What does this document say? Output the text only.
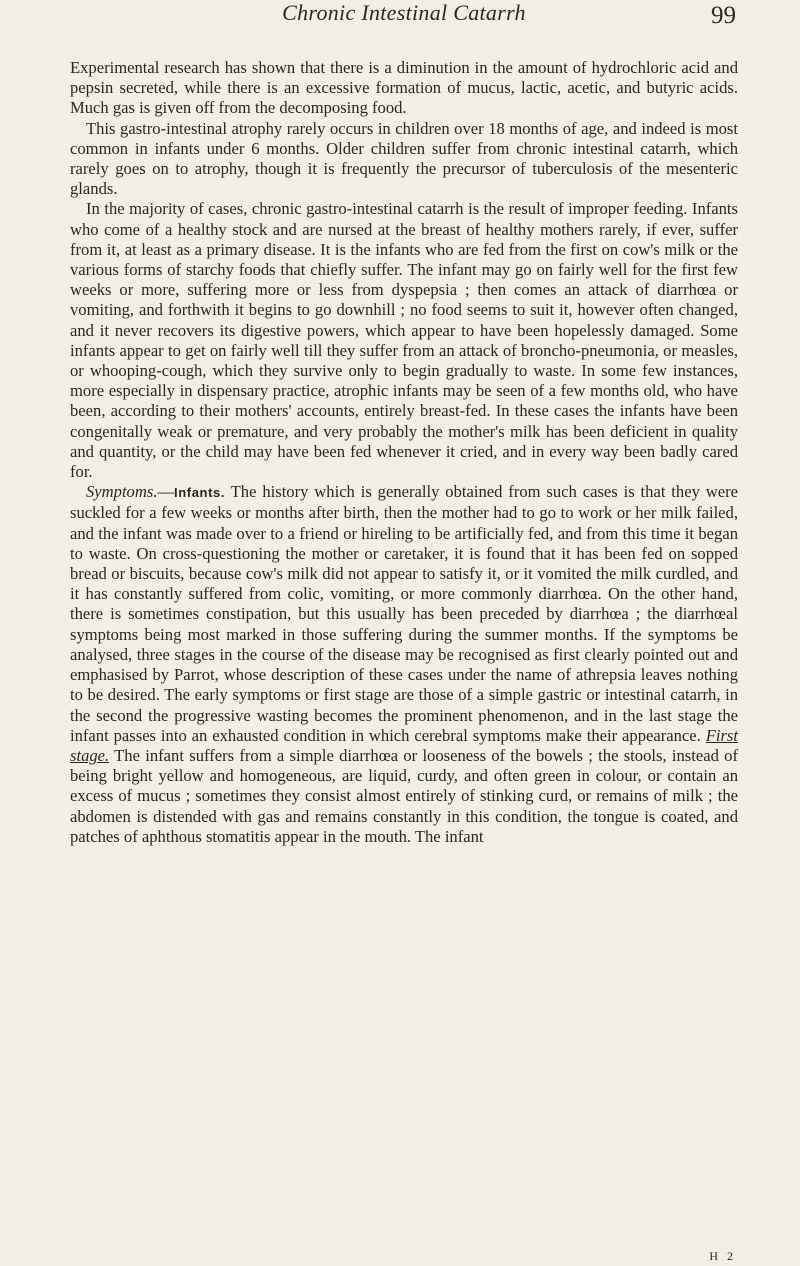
Chronic Intestinal Catarrh	99

Experimental research has shown that there is a diminution in the amount of hydrochloric acid and pepsin secreted, while there is an excessive formation of mucus, lactic, acetic, and butyric acids. Much gas is given off from the decomposing food.

This gastro-intestinal atrophy rarely occurs in children over 18 months of age, and indeed is most common in infants under 6 months. Older children suffer from chronic intestinal catarrh, which rarely goes on to atrophy, though it is frequently the precursor of tuberculosis of the mesenteric glands.

In the majority of cases, chronic gastro-intestinal catarrh is the result of improper feeding. Infants who come of a healthy stock and are nursed at the breast of healthy mothers rarely, if ever, suffer from it, at least as a primary disease. It is the infants who are fed from the first on cow's milk or the various forms of starchy foods that chiefly suffer. The infant may go on fairly well for the first few weeks or more, suffering more or less from dyspepsia ; then comes an attack of diarrhœa or vomiting, and forthwith it begins to go downhill ; no food seems to suit it, however often changed, and it never recovers its digestive powers, which appear to have been hopelessly damaged. Some infants appear to get on fairly well till they suffer from an attack of broncho-pneumonia, or measles, or whooping-cough, which they survive only to begin gradually to waste. In some few instances, more especially in dispensary practice, atrophic infants may be seen of a few months old, who have been, according to their mothers' accounts, entirely breast-fed. In these cases the infants have been congenitally weak or premature, and very probably the mother's milk has been deficient in quality and quantity, or the child may have been fed whenever it cried, and in every way been badly cared for.

Symptoms.—Infants. The history which is generally obtained from such cases is that they were suckled for a few weeks or months after birth, then the mother had to go to work or her milk failed, and the infant was made over to a friend or hireling to be artificially fed, and from this time it began to waste. On cross-questioning the mother or caretaker, it is found that it has been fed on sopped bread or biscuits, because cow's milk did not appear to satisfy it, or it vomited the milk curdled, and it has constantly suffered from colic, vomiting, or more commonly diarrhœa. On the other hand, there is sometimes constipation, but this usually has been preceded by diarrhœa ; the diarrhœal symptoms being most marked in those suffering during the summer months. If the symptoms be analysed, three stages in the course of the disease may be recognised as first clearly pointed out and emphasised by Parrot, whose description of these cases under the name of athrepsia leaves nothing to be desired. The early symptoms or first stage are those of a simple gastric or intestinal catarrh, in the second the progressive wasting becomes the prominent phenomenon, and in the last stage the infant passes into an exhausted condition in which cerebral symptoms make their appearance. First stage. The infant suffers from a simple diarrhœa or looseness of the bowels ; the stools, instead of being bright yellow and homogeneous, are liquid, curdy, and often green in colour, or contain an excess of mucus ; sometimes they consist almost entirely of stinking curd, or remains of milk ; the abdomen is distended with gas and remains constantly in this condition, the tongue is coated, and patches of aphthous stomatitis appear in the mouth. The infant

H 2
